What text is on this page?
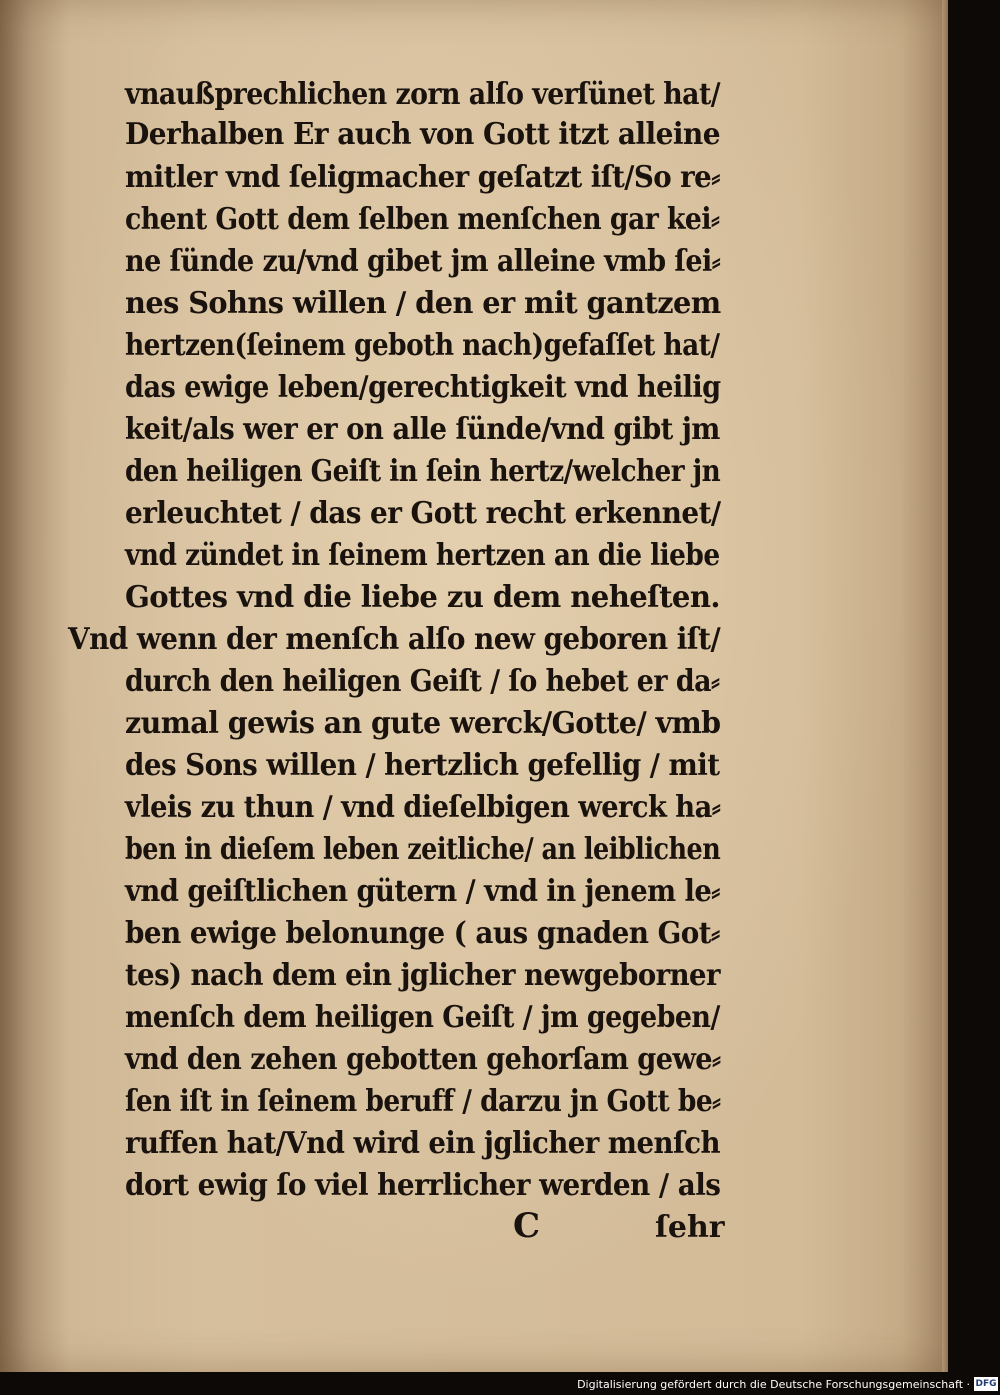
vnaußprechlichen zorn alſo verſünet hat/
Derhalben Er auch von Gott itzt alleine
mitler vnd ſeligmacher geſatzt iſt/So re⸗
chent Gott dem ſelben menſchen gar kei⸗
ne ſünde zu/vnd gibet jm alleine vmb ſei⸗
nes Sohns willen / den er mit gantzem
hertzen(ſeinem geboth nach)gefaſſet hat/
das ewige leben/gerechtigkeit vnd heilig
keit/als wer er on alle ſünde/vnd gibt jm
den heiligen Geiſt in ſein hertz/welcher jn
erleuchtet / das er Gott recht erkennet/
vnd zündet in ſeinem hertzen an die liebe
Gottes vnd die liebe zu dem neheſten.
Vnd wenn der menſch alſo new geboren iſt/
durch den heiligen Geiſt / ſo hebet er da⸗
zumal gewis an gute werck/Gotte/ vmb
des Sons willen / hertzlich gefellig / mit
vleis zu thun / vnd dieſelbigen werck ha⸗
ben in dieſem leben zeitliche/ an leiblichen
vnd geiſtlichen gütern / vnd in jenem le⸗
ben ewige belonunge ( aus gnaden Got⸗
tes) nach dem ein jglicher newgeborner
menſch dem heiligen Geiſt / jm gegeben/
vnd den zehen gebotten gehorſam gewe⸗
ſen iſt in ſeinem beruff / darzu jn Gott be⸗
ruffen hat/Vnd wird ein jglicher menſch
dort ewig ſo viel herrlicher werden / als
C	ſehr
Digitalisierung gefördert durch die Deutsche Forschungsgemeinschaft · DFG
